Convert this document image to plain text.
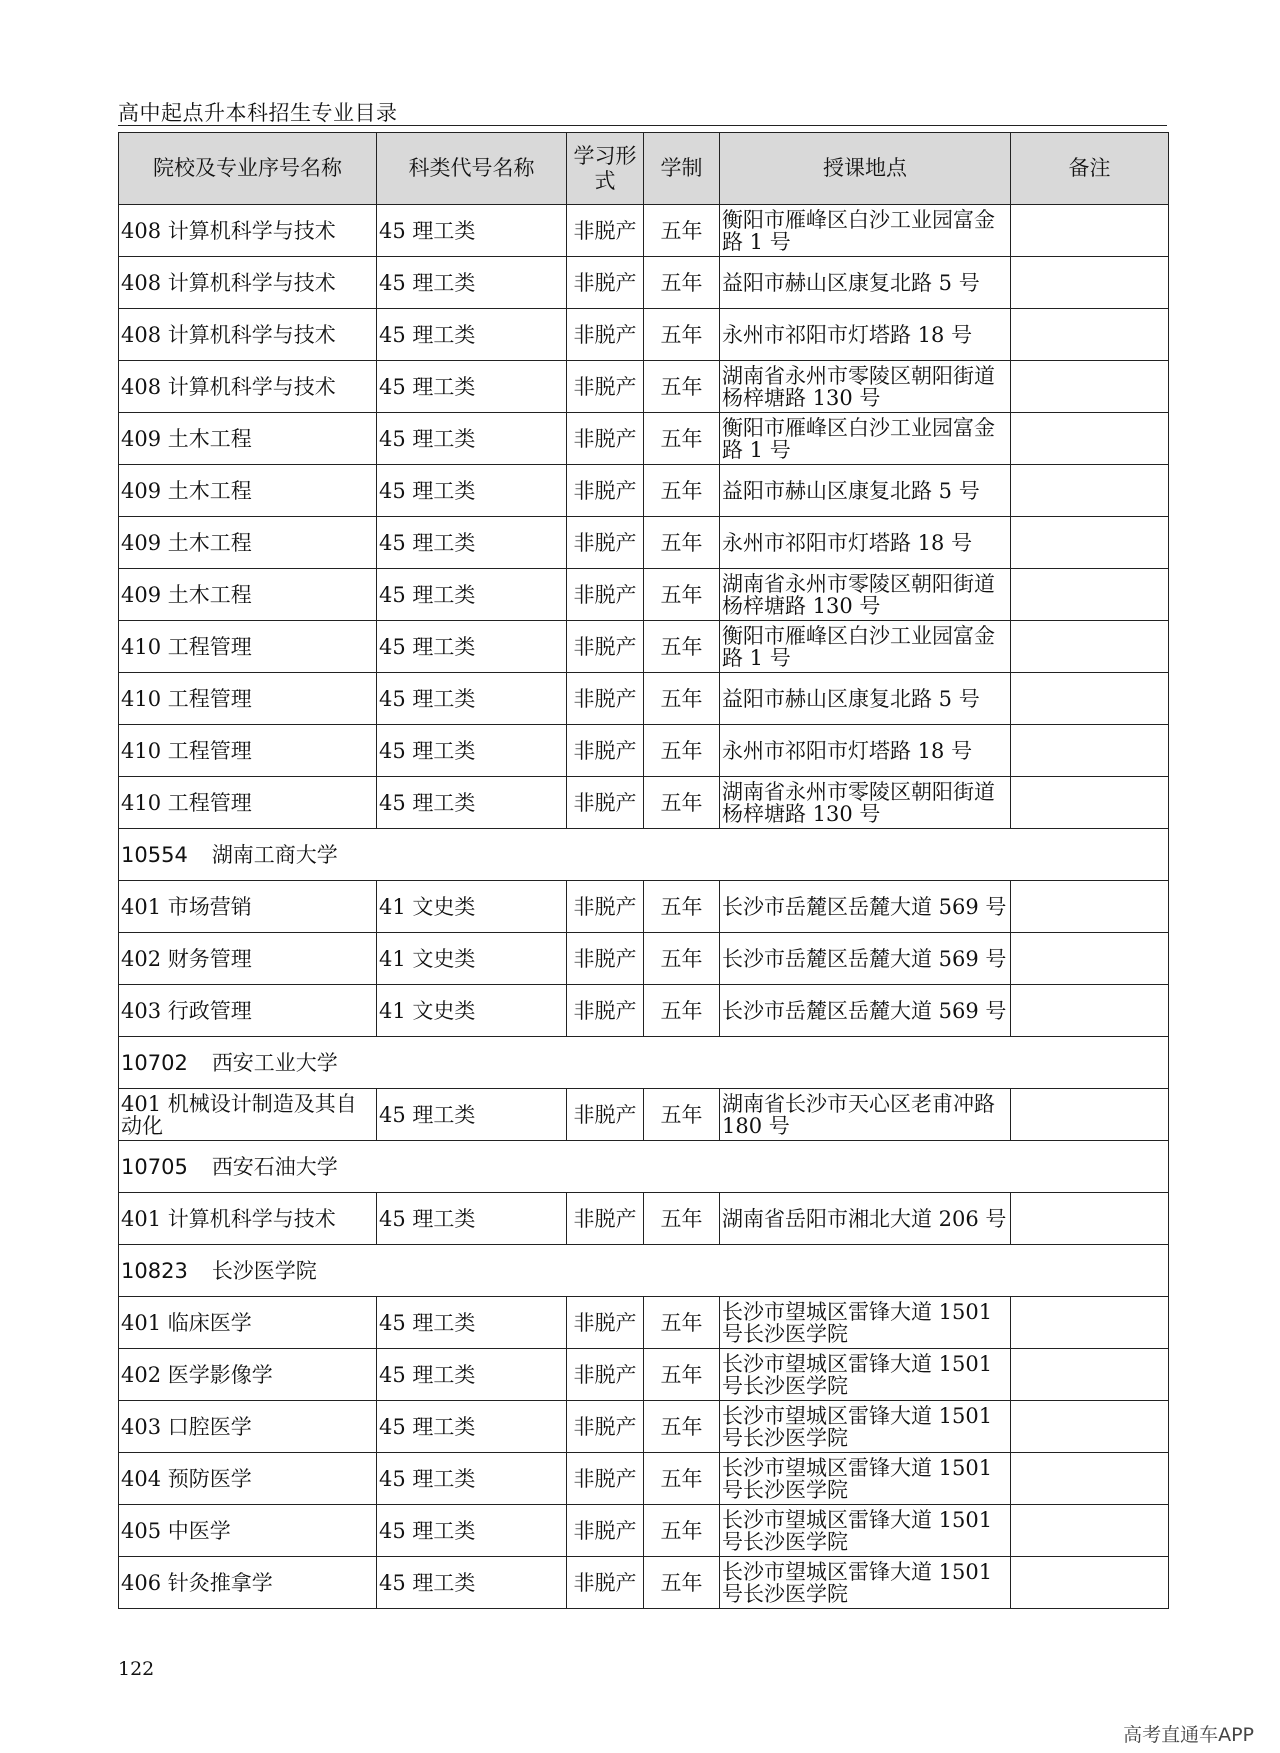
高中起点升本科招生专业目录
院校及专业序号名称	科类代号名称	学习形式	学制	授课地点	备注
408 计算机科学与技术	45 理工类	非脱产	五年	衡阳市雁峰区白沙工业园富金路 1 号	
408 计算机科学与技术	45 理工类	非脱产	五年	益阳市赫山区康复北路 5 号	
408 计算机科学与技术	45 理工类	非脱产	五年	永州市祁阳市灯塔路 18 号	
408 计算机科学与技术	45 理工类	非脱产	五年	湖南省永州市零陵区朝阳街道杨梓塘路 130 号	
409 土木工程	45 理工类	非脱产	五年	衡阳市雁峰区白沙工业园富金路 1 号	
409 土木工程	45 理工类	非脱产	五年	益阳市赫山区康复北路 5 号	
409 土木工程	45 理工类	非脱产	五年	永州市祁阳市灯塔路 18 号	
409 土木工程	45 理工类	非脱产	五年	湖南省永州市零陵区朝阳街道杨梓塘路 130 号	
410 工程管理	45 理工类	非脱产	五年	衡阳市雁峰区白沙工业园富金路 1 号	
410 工程管理	45 理工类	非脱产	五年	益阳市赫山区康复北路 5 号	
410 工程管理	45 理工类	非脱产	五年	永州市祁阳市灯塔路 18 号	
410 工程管理	45 理工类	非脱产	五年	湖南省永州市零陵区朝阳街道杨梓塘路 130 号	
10554 湖南工商大学					
401 市场营销	41 文史类	非脱产	五年	长沙市岳麓区岳麓大道 569 号	
402 财务管理	41 文史类	非脱产	五年	长沙市岳麓区岳麓大道 569 号	
403 行政管理	41 文史类	非脱产	五年	长沙市岳麓区岳麓大道 569 号	
10702 西安工业大学					
401 机械设计制造及其自动化	45 理工类	非脱产	五年	湖南省长沙市天心区老甫冲路 180 号	
10705 西安石油大学					
401 计算机科学与技术	45 理工类	非脱产	五年	湖南省岳阳市湘北大道 206 号	
10823 长沙医学院					
401 临床医学	45 理工类	非脱产	五年	长沙市望城区雷锋大道 1501 号长沙医学院	
402 医学影像学	45 理工类	非脱产	五年	长沙市望城区雷锋大道 1501 号长沙医学院	
403 口腔医学	45 理工类	非脱产	五年	长沙市望城区雷锋大道 1501 号长沙医学院	
404 预防医学	45 理工类	非脱产	五年	长沙市望城区雷锋大道 1501 号长沙医学院	
405 中医学	45 理工类	非脱产	五年	长沙市望城区雷锋大道 1501 号长沙医学院	
406 针灸推拿学	45 理工类	非脱产	五年	长沙市望城区雷锋大道 1501 号长沙医学院	
122
高考直通车APP
